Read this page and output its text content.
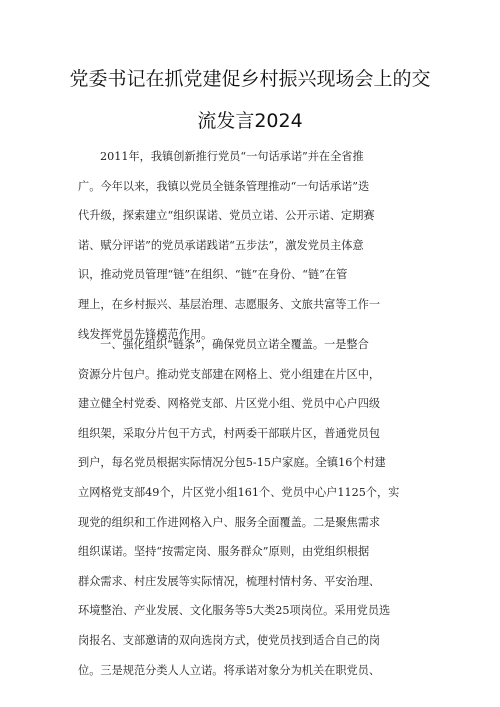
党委书记在抓党建促乡村振兴现场会上的交
流发言2024
2011年，我镇创新推行党员“一句话承诺”并在全省推
广。今年以来，我镇以党员全链条管理推动“一句话承诺”迭
代升级，探索建立“组织谋诺、党员立诺、公开示诺、定期赛
诺、赋分评诺”的党员承诺践诺“五步法”，激发党员主体意
识，推动党员管理“链”在组织、“链”在身份、“链”在管
理上，在乡村振兴、基层治理、志愿服务、文旅共富等工作一
线发挥党员先锋模范作用。
一、强化组织“链条”，确保党员立诺全覆盖。一是整合
资源分片包户。推动党支部建在网格上、党小组建在片区中，
建立健全村党委、网格党支部、片区党小组、党员中心户四级
组织架，采取分片包干方式，村两委干部联片区，普通党员包
到户，每名党员根据实际情况分包5-15户家庭。全镇16个村建
立网格党支部49个，片区党小组161个、党员中心户1125个，实
现党的组织和工作进网格入户、服务全面覆盖。二是聚焦需求
组织谋诺。坚持“按需定岗、服务群众”原则，由党组织根据
群众需求、村庄发展等实际情况，梳理村情村务、平安治理、
环境整治、产业发展、文化服务等5大类25项岗位。采用党员选
岗报名、支部邀请的双向选岗方式，使党员找到适合自己的岗
位。三是规范分类人人立诺。将承诺对象分为机关在职党员、
